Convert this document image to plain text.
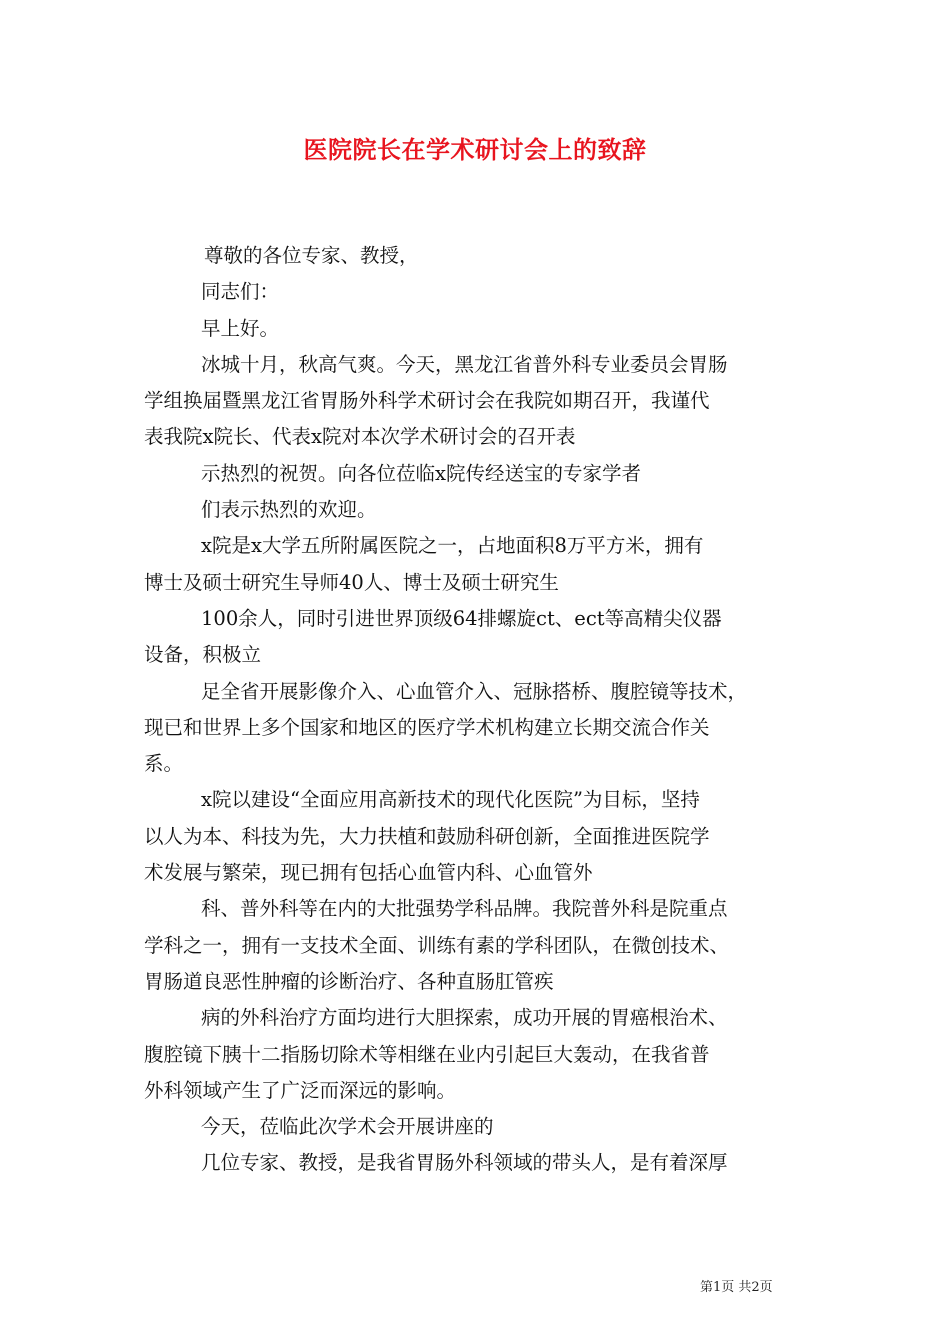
医院院长在学术研讨会上的致辞
尊敬的各位专家、教授，
同志们：
早上好。
冰城十月，秋高气爽。今天，黑龙江省普外科专业委员会胃肠
学组换届暨黑龙江省胃肠外科学术研讨会在我院如期召开，我谨代
表我院x院长、代表x院对本次学术研讨会的召开表
示热烈的祝贺。向各位莅临x院传经送宝的专家学者
们表示热烈的欢迎。
x院是x大学五所附属医院之一，占地面积8万平方米，拥有
博士及硕士研究生导师40人、博士及硕士研究生
100余人，同时引进世界顶级64排螺旋ct、ect等高精尖仪器
设备，积极立
足全省开展影像介入、心血管介入、冠脉搭桥、腹腔镜等技术，
现已和世界上多个国家和地区的医疗学术机构建立长期交流合作关
系。
x院以建设“全面应用高新技术的现代化医院”为目标，坚持
以人为本、科技为先，大力扶植和鼓励科研创新，全面推进医院学
术发展与繁荣，现已拥有包括心血管内科、心血管外
科、普外科等在内的大批强势学科品牌。我院普外科是院重点
学科之一，拥有一支技术全面、训练有素的学科团队，在微创技术、
胃肠道良恶性肿瘤的诊断治疗、各种直肠肛管疾
病的外科治疗方面均进行大胆探索，成功开展的胃癌根治术、
腹腔镜下胰十二指肠切除术等相继在业内引起巨大轰动，在我省普
外科领域产生了广泛而深远的影响。
今天，莅临此次学术会开展讲座的
几位专家、教授，是我省胃肠外科领域的带头人，是有着深厚
第1页 共2页
